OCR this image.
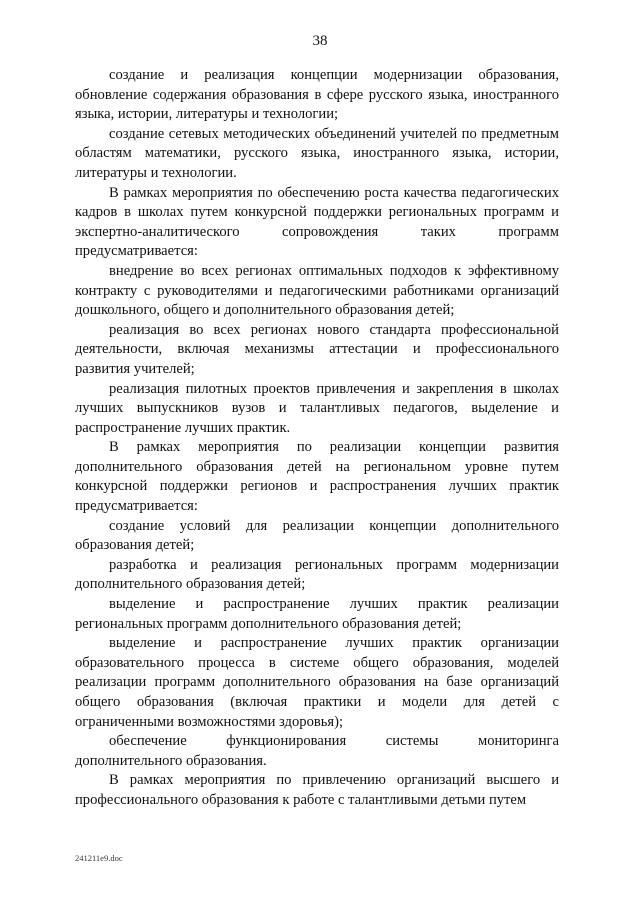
38

создание и реализация концепции модернизации образования, обновление содержания образования в сфере русского языка, иностранного языка, истории, литературы и технологии;

создание сетевых методических объединений учителей по предметным областям математики, русского языка, иностранного языка, истории, литературы и технологии.

В рамках мероприятия по обеспечению роста качества педагогических кадров в школах путем конкурсной поддержки региональных программ и экспертно-аналитического сопровождения таких программ предусматривается:

внедрение во всех регионах оптимальных подходов к эффективному контракту с руководителями и педагогическими работниками организаций дошкольного, общего и дополнительного образования детей;

реализация во всех регионах нового стандарта профессиональной деятельности, включая механизмы аттестации и профессионального развития учителей;

реализация пилотных проектов привлечения и закрепления в школах лучших выпускников вузов и талантливых педагогов, выделение и распространение лучших практик.

В рамках мероприятия по реализации концепции развития дополнительного образования детей на региональном уровне путем конкурсной поддержки регионов и распространения лучших практик предусматривается:

создание условий для реализации концепции дополнительного образования детей;

разработка и реализация региональных программ модернизации дополнительного образования детей;

выделение и распространение лучших практик реализации региональных программ дополнительного образования детей;

выделение и распространение лучших практик организации образовательного процесса в системе общего образования, моделей реализации программ дополнительного образования на базе организаций общего образования (включая практики и модели для детей с ограниченными возможностями здоровья);

обеспечение функционирования системы мониторинга дополнительного образования.

В рамках мероприятия по привлечению организаций высшего и профессионального образования к работе с талантливыми детьми путем

241211e9.doc
